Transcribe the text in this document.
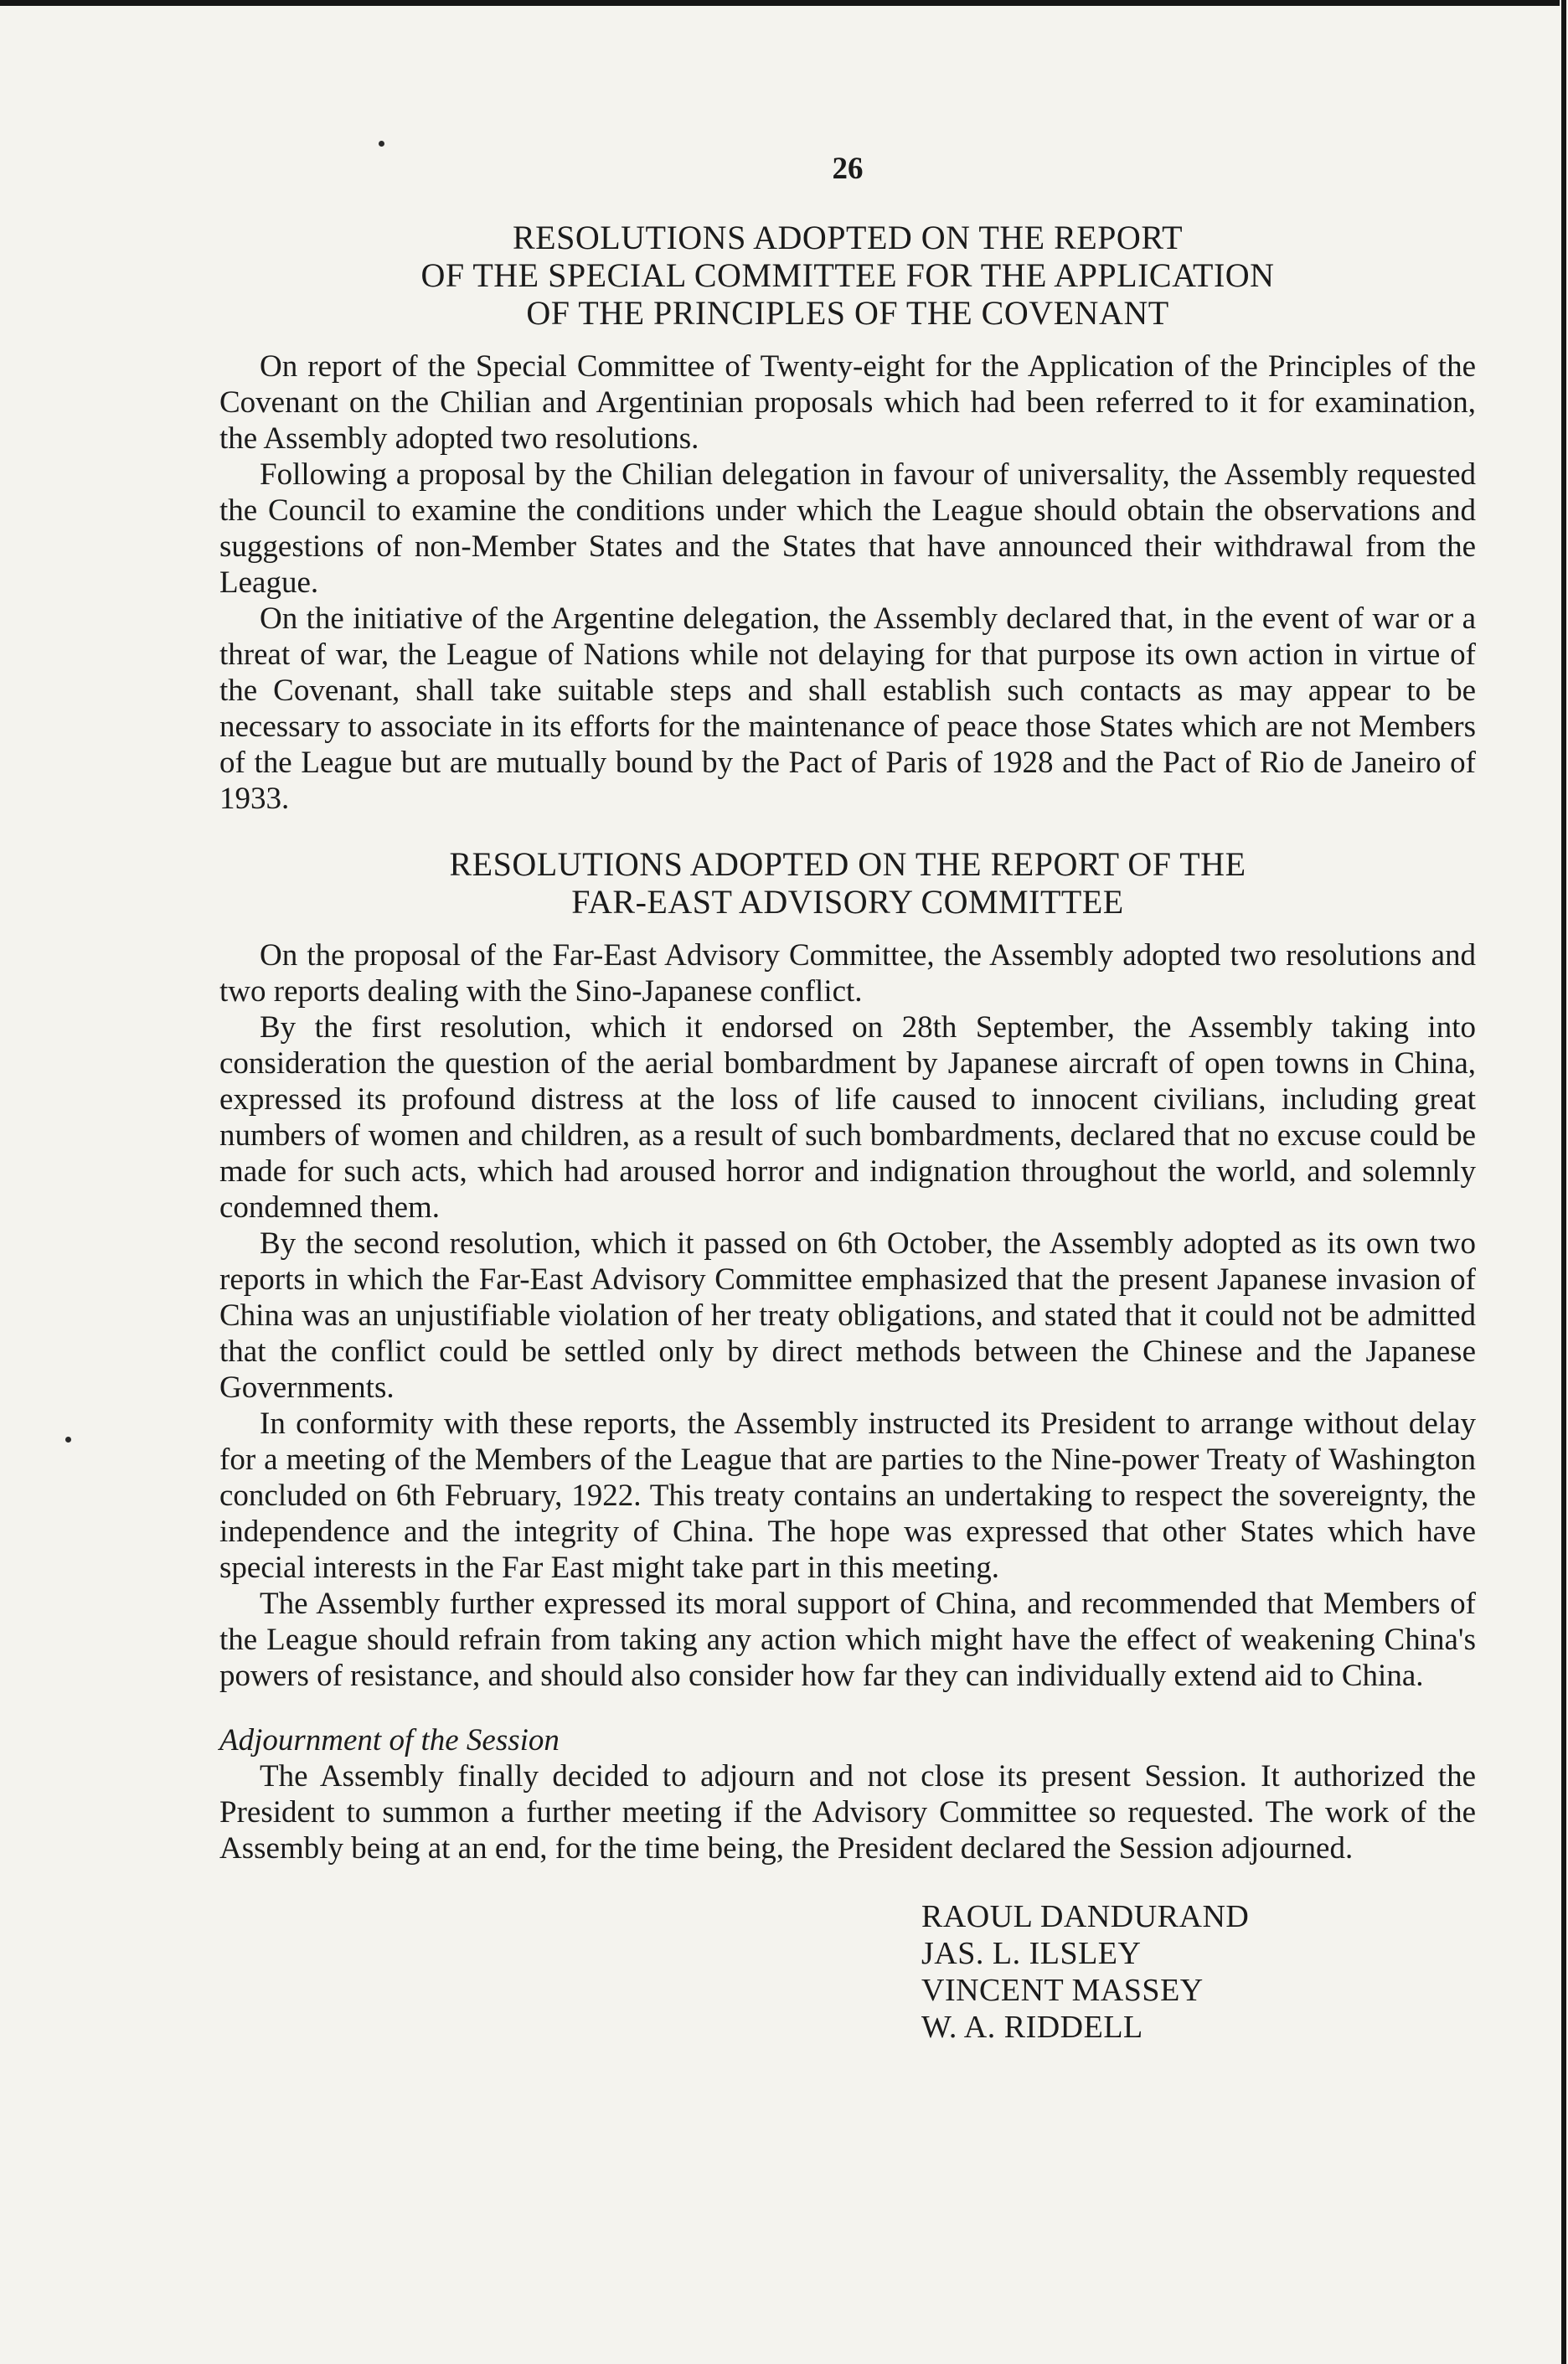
26
RESOLUTIONS ADOPTED ON THE REPORT
OF THE SPECIAL COMMITTEE FOR THE APPLICATION
OF THE PRINCIPLES OF THE COVENANT

On report of the Special Committee of Twenty-eight for the Application of the Principles of the Covenant on the Chilian and Argentinian proposals which had been referred to it for examination, the Assembly adopted two resolutions.

Following a proposal by the Chilian delegation in favour of universality, the Assembly requested the Council to examine the conditions under which the League should obtain the observations and suggestions of non-Member States and the States that have announced their withdrawal from the League.

On the initiative of the Argentine delegation, the Assembly declared that, in the event of war or a threat of war, the League of Nations while not delaying for that purpose its own action in virtue of the Covenant, shall take suitable steps and shall establish such contacts as may appear to be necessary to associate in its efforts for the maintenance of peace those States which are not Members of the League but are mutually bound by the Pact of Paris of 1928 and the Pact of Rio de Janeiro of 1933.

RESOLUTIONS ADOPTED ON THE REPORT OF THE
FAR-EAST ADVISORY COMMITTEE

On the proposal of the Far-East Advisory Committee, the Assembly adopted two resolutions and two reports dealing with the Sino-Japanese conflict.

By the first resolution, which it endorsed on 28th September, the Assembly taking into consideration the question of the aerial bombardment by Japanese aircraft of open towns in China, expressed its profound distress at the loss of life caused to innocent civilians, including great numbers of women and children, as a result of such bombardments, declared that no excuse could be made for such acts, which had aroused horror and indignation throughout the world, and solemnly condemned them.

By the second resolution, which it passed on 6th October, the Assembly adopted as its own two reports in which the Far-East Advisory Committee emphasized that the present Japanese invasion of China was an unjustifiable violation of her treaty obligations, and stated that it could not be admitted that the conflict could be settled only by direct methods between the Chinese and the Japanese Governments.

In conformity with these reports, the Assembly instructed its President to arrange without delay for a meeting of the Members of the League that are parties to the Nine-power Treaty of Washington concluded on 6th February, 1922. This treaty contains an undertaking to respect the sovereignty, the independence and the integrity of China. The hope was expressed that other States which have special interests in the Far East might take part in this meeting.

The Assembly further expressed its moral support of China, and recommended that Members of the League should refrain from taking any action which might have the effect of weakening China's powers of resistance, and should also consider how far they can individually extend aid to China.

Adjournment of the Session

The Assembly finally decided to adjourn and not close its present Session. It authorized the President to summon a further meeting if the Advisory Committee so requested. The work of the Assembly being at an end, for the time being, the President declared the Session adjourned.

RAOUL DANDURAND
JAS. L. ILSLEY
VINCENT MASSEY
W. A. RIDDELL
